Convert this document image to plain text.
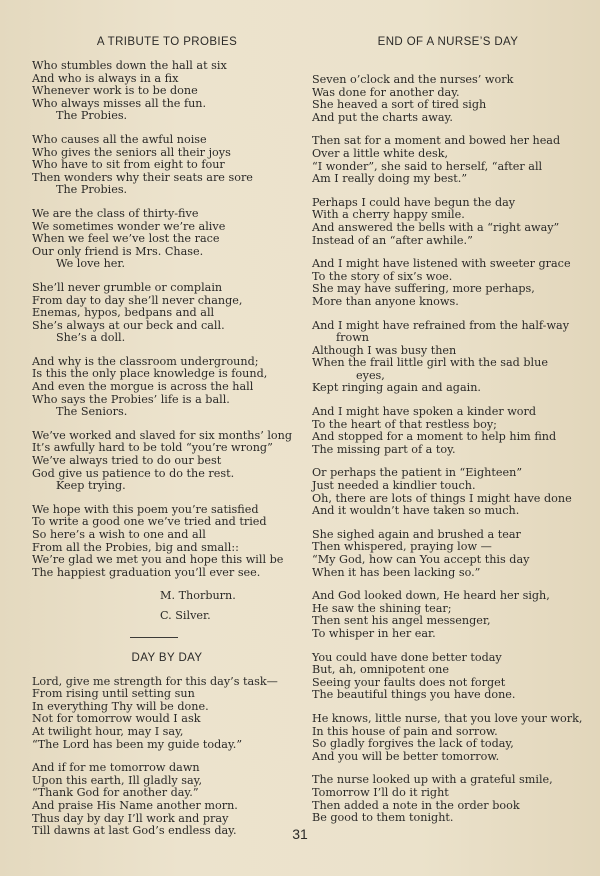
A TRIBUTE TO PROBIES
Who stumbles down the hall at six
And who is always in a fix
Whenever work is to be done
Who always misses all the fun.
The Probies.
Who causes all the awful noise
Who gives the seniors all their joys
Who have to sit from eight to four
Then wonders why their seats are sore
The Probies.
We are the class of thirty-five
We sometimes wonder we’re alive
When we feel we’ve lost the race
Our only friend is Mrs. Chase.
We love her.
She’ll never grumble or complain
From day to day she’ll never change,
Enemas, hypos, bedpans and all
She’s always at our beck and call.
She’s a doll.
And why is the classroom underground;
Is this the only place knowledge is found,
And even the morgue is across the hall
Who says the Probies’ life is a ball.
The Seniors.
We’ve worked and slaved for six months’ long
It’s awfully hard to be told “you’re wrong”
We’ve always tried to do our best
God give us patience to do the rest.
Keep trying.
We hope with this poem you’re satisfied
To write a good one we’ve tried and tried
So here’s a wish to one and all
From all the Probies, big and small::
We’re glad we met you and hope this will be
The happiest graduation you’ll ever see.
M. Thorburn.
C. Silver.
DAY BY DAY
Lord, give me strength for this day’s task—
From rising until setting sun
In everything Thy will be done.
Not for tomorrow would I ask
At twilight hour, may I say,
“The Lord has been my guide today.”
And if for me tomorrow dawn
Upon this earth, Ill gladly say,
“Thank God for another day.”
And praise His Name another morn.
Thus day by day I’ll work and pray
Till dawns at last God’s endless day.
END OF A NURSE’S DAY
Seven o’clock and the nurses’ work
Was done for another day.
She heaved a sort of tired sigh
And put the charts away.
Then sat for a moment and bowed her head
Over a little white desk,
“I wonder”, she said to herself, “after all
Am I really doing my best.”
Perhaps I could have begun the day
With a cherry happy smile.
And answered the bells with a “right away”
Instead of an “after awhile.”
And I might have listened with sweeter grace
To the story of six’s woe.
She may have suffering, more perhaps,
More than anyone knows.
And I might have refrained from the half-way
frown
Although I was busy then
When the frail little girl with the sad blue
eyes,
Kept ringing again and again.
And I might have spoken a kinder word
To the heart of that restless boy;
And stopped for a moment to help him find
The missing part of a toy.
Or perhaps the patient in “Eighteen”
Just needed a kindlier touch.
Oh, there are lots of things I might have done
And it wouldn’t have taken so much.
She sighed again and brushed a tear
Then whispered, praying low —
“My God, how can You accept this day
When it has been lacking so.”
And God looked down, He heard her sigh,
He saw the shining tear;
Then sent his angel messenger,
To whisper in her ear.
You could have done better today
But, ah, omnipotent one
Seeing your faults does not forget
The beautiful things you have done.
He knows, little nurse, that you love your work,
In this house of pain and sorrow.
So gladly forgives the lack of today,
And you will be better tomorrow.
The nurse looked up with a grateful smile,
Tomorrow I’ll do it right
Then added a note in the order book
Be good to them tonight.
31
